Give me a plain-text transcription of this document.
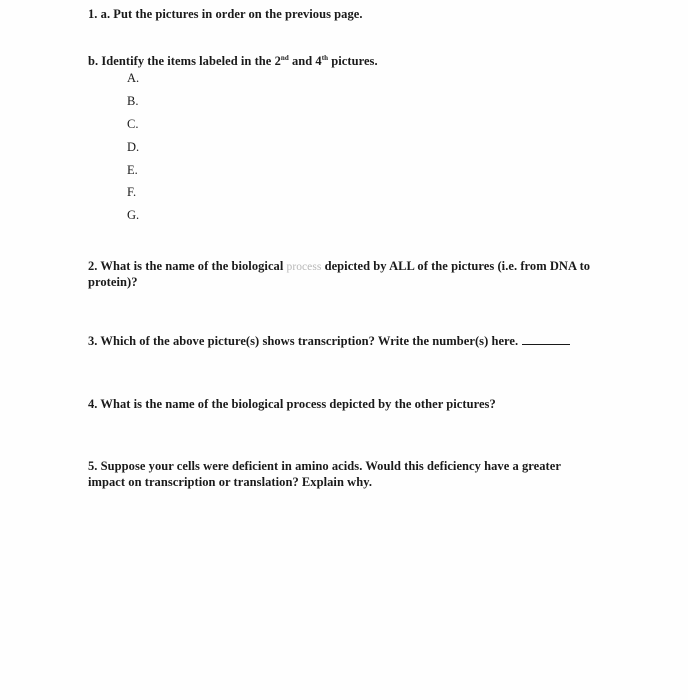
1. a. Put the pictures in order on the previous page.
b. Identify the items labeled in the 2nd and 4th pictures.
A.
B.
C.
D.
E.
F.
G.
2. What is the name of the biological process depicted by ALL of the pictures (i.e. from DNA to
protein)?
3. Which of the above picture(s) shows transcription? Write the number(s) here.
4. What is the name of the biological process depicted by the other pictures?
5. Suppose your cells were deficient in amino acids. Would this deficiency have a greater
impact on transcription or translation? Explain why.
